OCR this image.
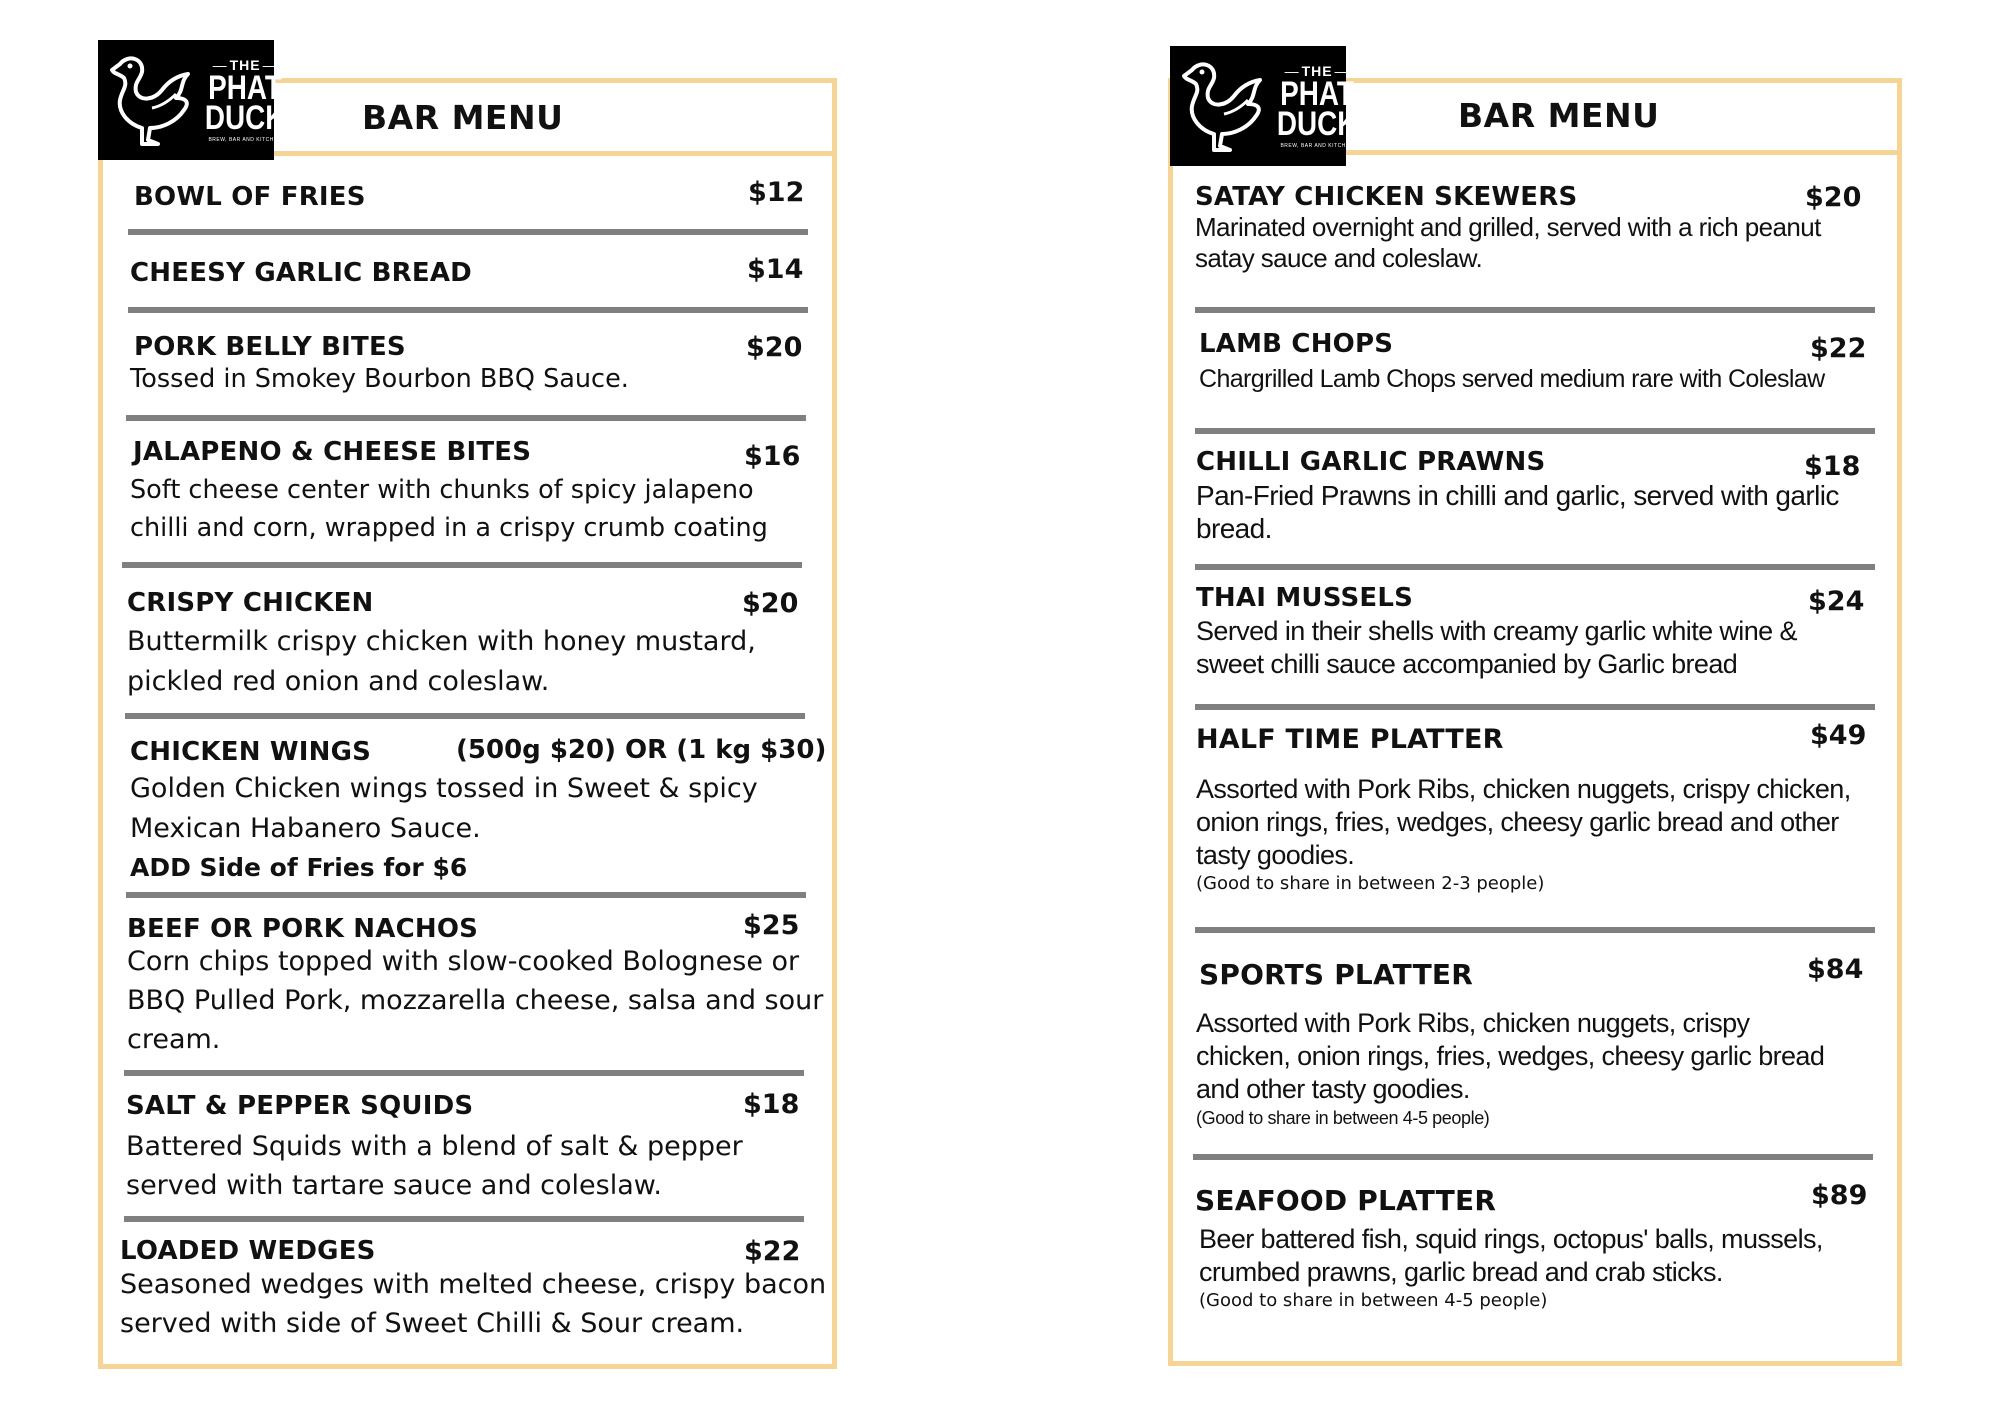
— THE —
PHAT
DUCK
BREW, BAR AND KITCHEN
BAR MENU
BOWL OF FRIES	$12
CHEESY GARLIC BREAD	$14
PORK BELLY BITES	$20
Tossed in Smokey Bourbon BBQ Sauce.
JALAPENO & CHEESE BITES	$16
Soft cheese center with chunks of spicy jalapeno
chilli and corn, wrapped in a crispy crumb coating
CRISPY CHICKEN	$20
Buttermilk crispy chicken with honey mustard,
pickled red onion and coleslaw.
CHICKEN WINGS	(500g $20) OR (1 kg $30)
Golden Chicken wings tossed in Sweet & spicy
Mexican Habanero Sauce.
ADD Side of Fries for $6
BEEF OR PORK NACHOS	$25
Corn chips topped with slow-cooked Bolognese or
BBQ Pulled Pork, mozzarella cheese, salsa and sour
cream.
SALT & PEPPER SQUIDS	$18
Battered Squids with a blend of salt & pepper
served with tartare sauce and coleslaw.
LOADED WEDGES	$22
Seasoned wedges with melted cheese, crispy bacon
served with side of Sweet Chilli & Sour cream.
— THE —
PHAT
DUCK
BREW, BAR AND KITCHEN
BAR MENU
SATAY CHICKEN SKEWERS	$20
Marinated overnight and grilled, served with a rich peanut
satay sauce and coleslaw.
LAMB CHOPS	$22
Chargrilled Lamb Chops served medium rare with Coleslaw
CHILLI GARLIC PRAWNS	$18
Pan-Fried Prawns in chilli and garlic, served with garlic
bread.
THAI MUSSELS	$24
Served in their shells with creamy garlic white wine &
sweet chilli sauce accompanied by Garlic bread
HALF TIME PLATTER	$49
Assorted with Pork Ribs, chicken nuggets, crispy chicken,
onion rings, fries, wedges, cheesy garlic bread and other
tasty goodies.
(Good to share in between 2-3 people)
SPORTS PLATTER	$84
Assorted with Pork Ribs, chicken nuggets, crispy
chicken, onion rings, fries, wedges, cheesy garlic bread
and other tasty goodies.
(Good to share in between 4-5 people)
SEAFOOD PLATTER	$89
Beer battered fish, squid rings, octopus' balls, mussels,
crumbed prawns, garlic bread and crab sticks.
(Good to share in between 4-5 people)
